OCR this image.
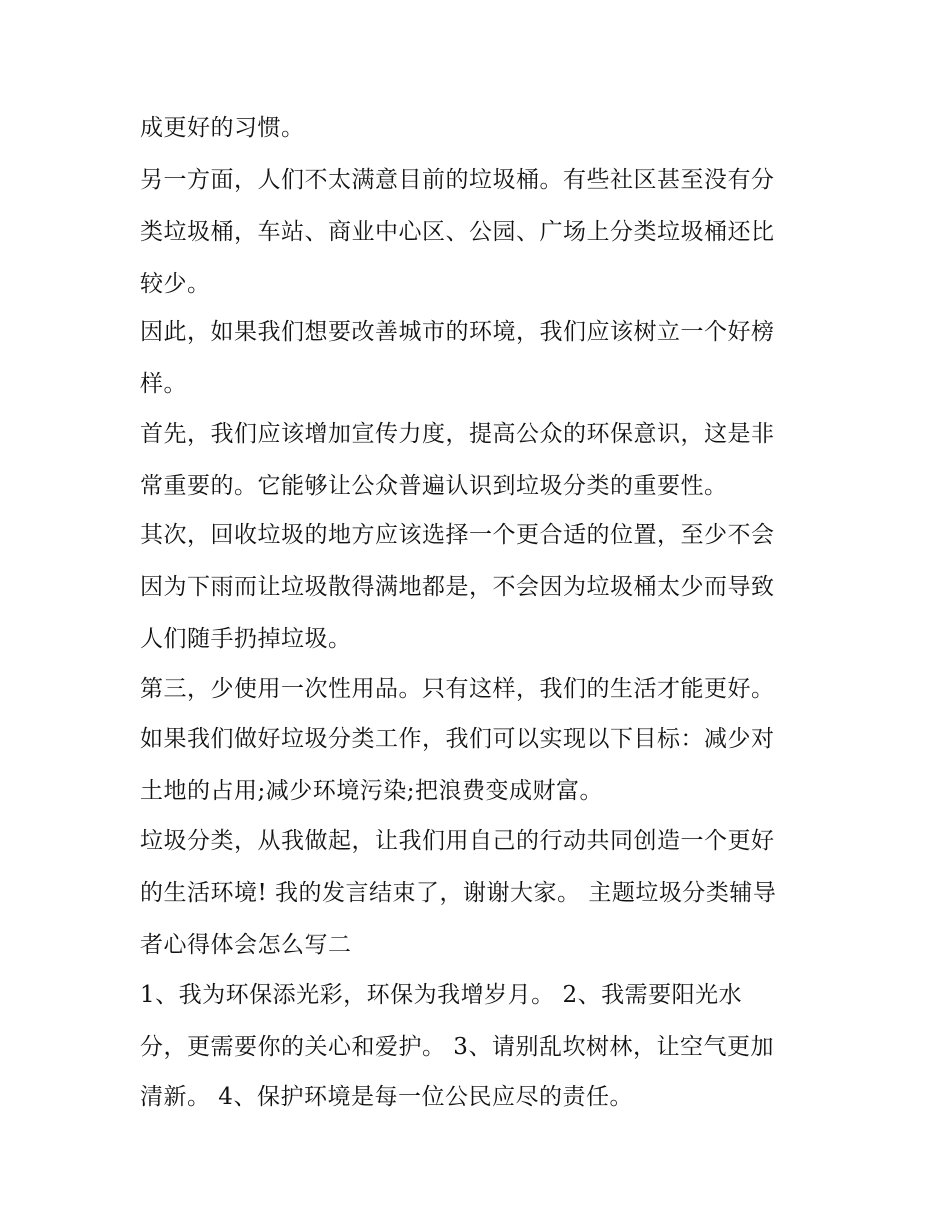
成更好的习惯。
另一方面，人们不太满意目前的垃圾桶。有些社区甚至没有分
类垃圾桶，车站、商业中心区、公园、广场上分类垃圾桶还比
较少。
因此，如果我们想要改善城市的环境，我们应该树立一个好榜
样。
首先，我们应该增加宣传力度，提高公众的环保意识，这是非
常重要的。它能够让公众普遍认识到垃圾分类的重要性。
其次，回收垃圾的地方应该选择一个更合适的位置，至少不会
因为下雨而让垃圾散得满地都是，不会因为垃圾桶太少而导致
人们随手扔掉垃圾。
第三，少使用一次性用品。只有这样，我们的生活才能更好。
如果我们做好垃圾分类工作，我们可以实现以下目标：减少对
土地的占用;减少环境污染;把浪费变成财富。
垃圾分类，从我做起，让我们用自己的行动共同创造一个更好
的生活环境! 我的发言结束了，谢谢大家。 主题垃圾分类辅导
者心得体会怎么写二
1、我为环保添光彩，环保为我增岁月。 2、我需要阳光水
分，更需要你的关心和爱护。 3、请别乱坎树林，让空气更加
清新。 4、保护环境是每一位公民应尽的责任。
